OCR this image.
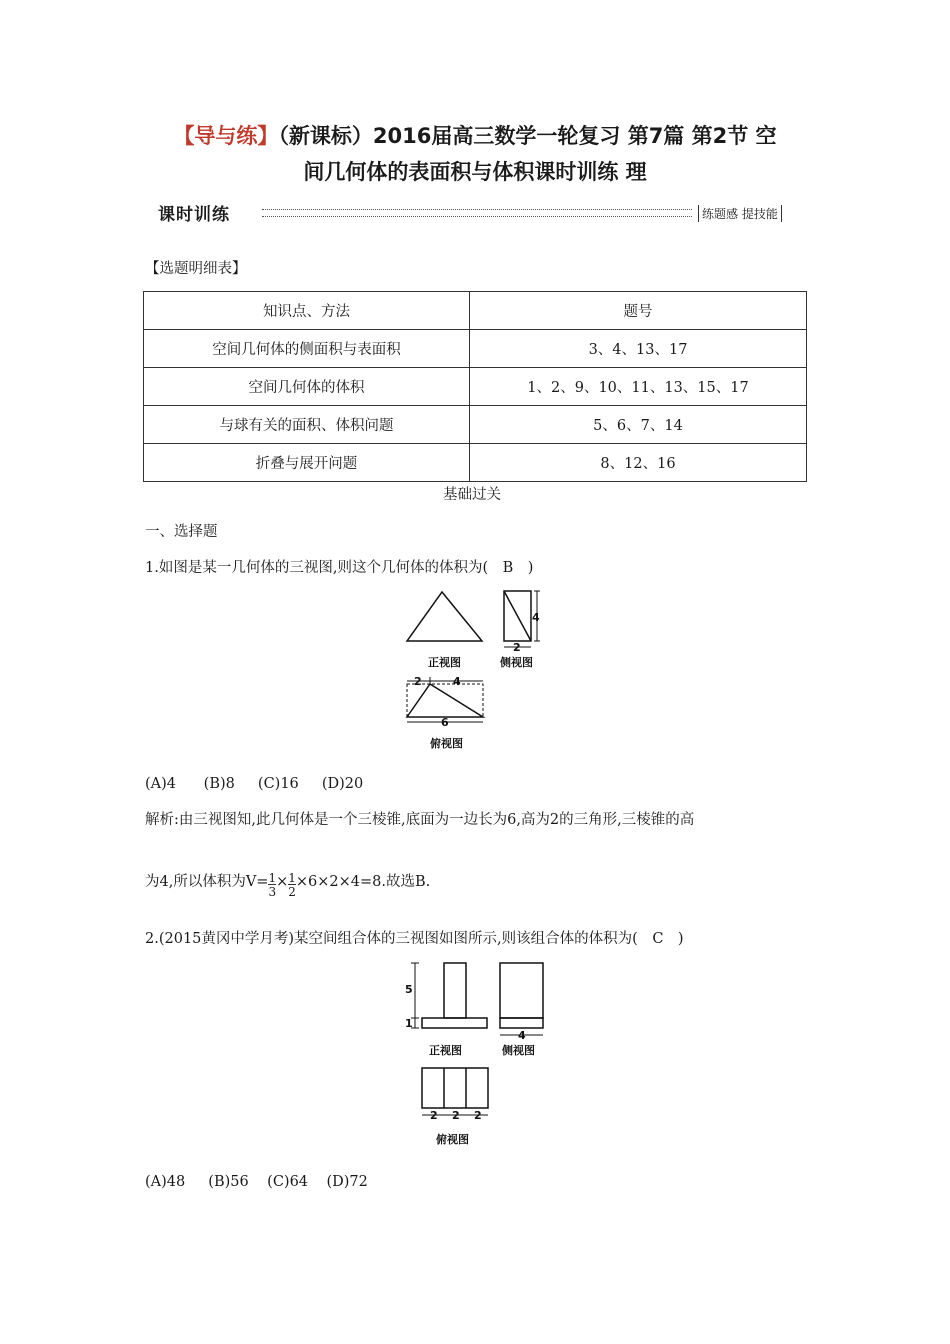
【导与练】（新课标）2016届高三数学一轮复习 第7篇 第2节 空
间几何体的表面积与体积课时训练 理
课时训练	练题感 提技能
【选题明细表】
知识点、方法	题号
空间几何体的侧面积与表面积	3、4、13、17
空间几何体的体积	1、2、9、10、11、13、15、17
与球有关的面积、体积问题	5、6、7、14
折叠与展开问题	8、12、16
基础过关
一、选择题
1.如图是某一几何体的三视图,则这个几何体的体积为(　B　)
正视图	侧视图
俯视图
4
2
2	4
6
(A)4 (B)8 (C)16 (D)20
解析:由三视图知,此几何体是一个三棱锥,底面为一边长为6,高为2的三角形,三棱锥的高
为4,所以体积为$V= \frac{1}{3} \times \frac{1}{2} \times 6\times 2\times 4=8$.故选B.
2.(2015黄冈中学月考)某空间组合体的三视图如图所示,则该组合体的体积为(　C　)
5
1
4
正视图	侧视图
2 2 2
俯视图
(A)48 (B)56 (C)64 (D)72
